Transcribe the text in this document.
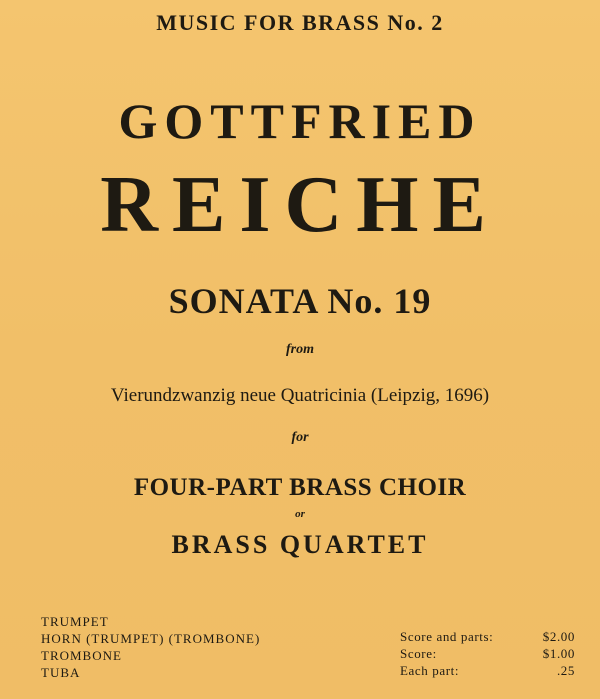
MUSIC FOR BRASS No. 2
GOTTFRIED
REICHE
SONATA No. 19
from
Vierundzwanzig neue Quatricinia (Leipzig, 1696)
for
FOUR-PART BRASS CHOIR
or
BRASS QUARTET
TRUMPET
HORN (TRUMPET) (TROMBONE)
TROMBONE
TUBA
Score and parts:	$2.00
Score:	$1.00
Each part:	.25
